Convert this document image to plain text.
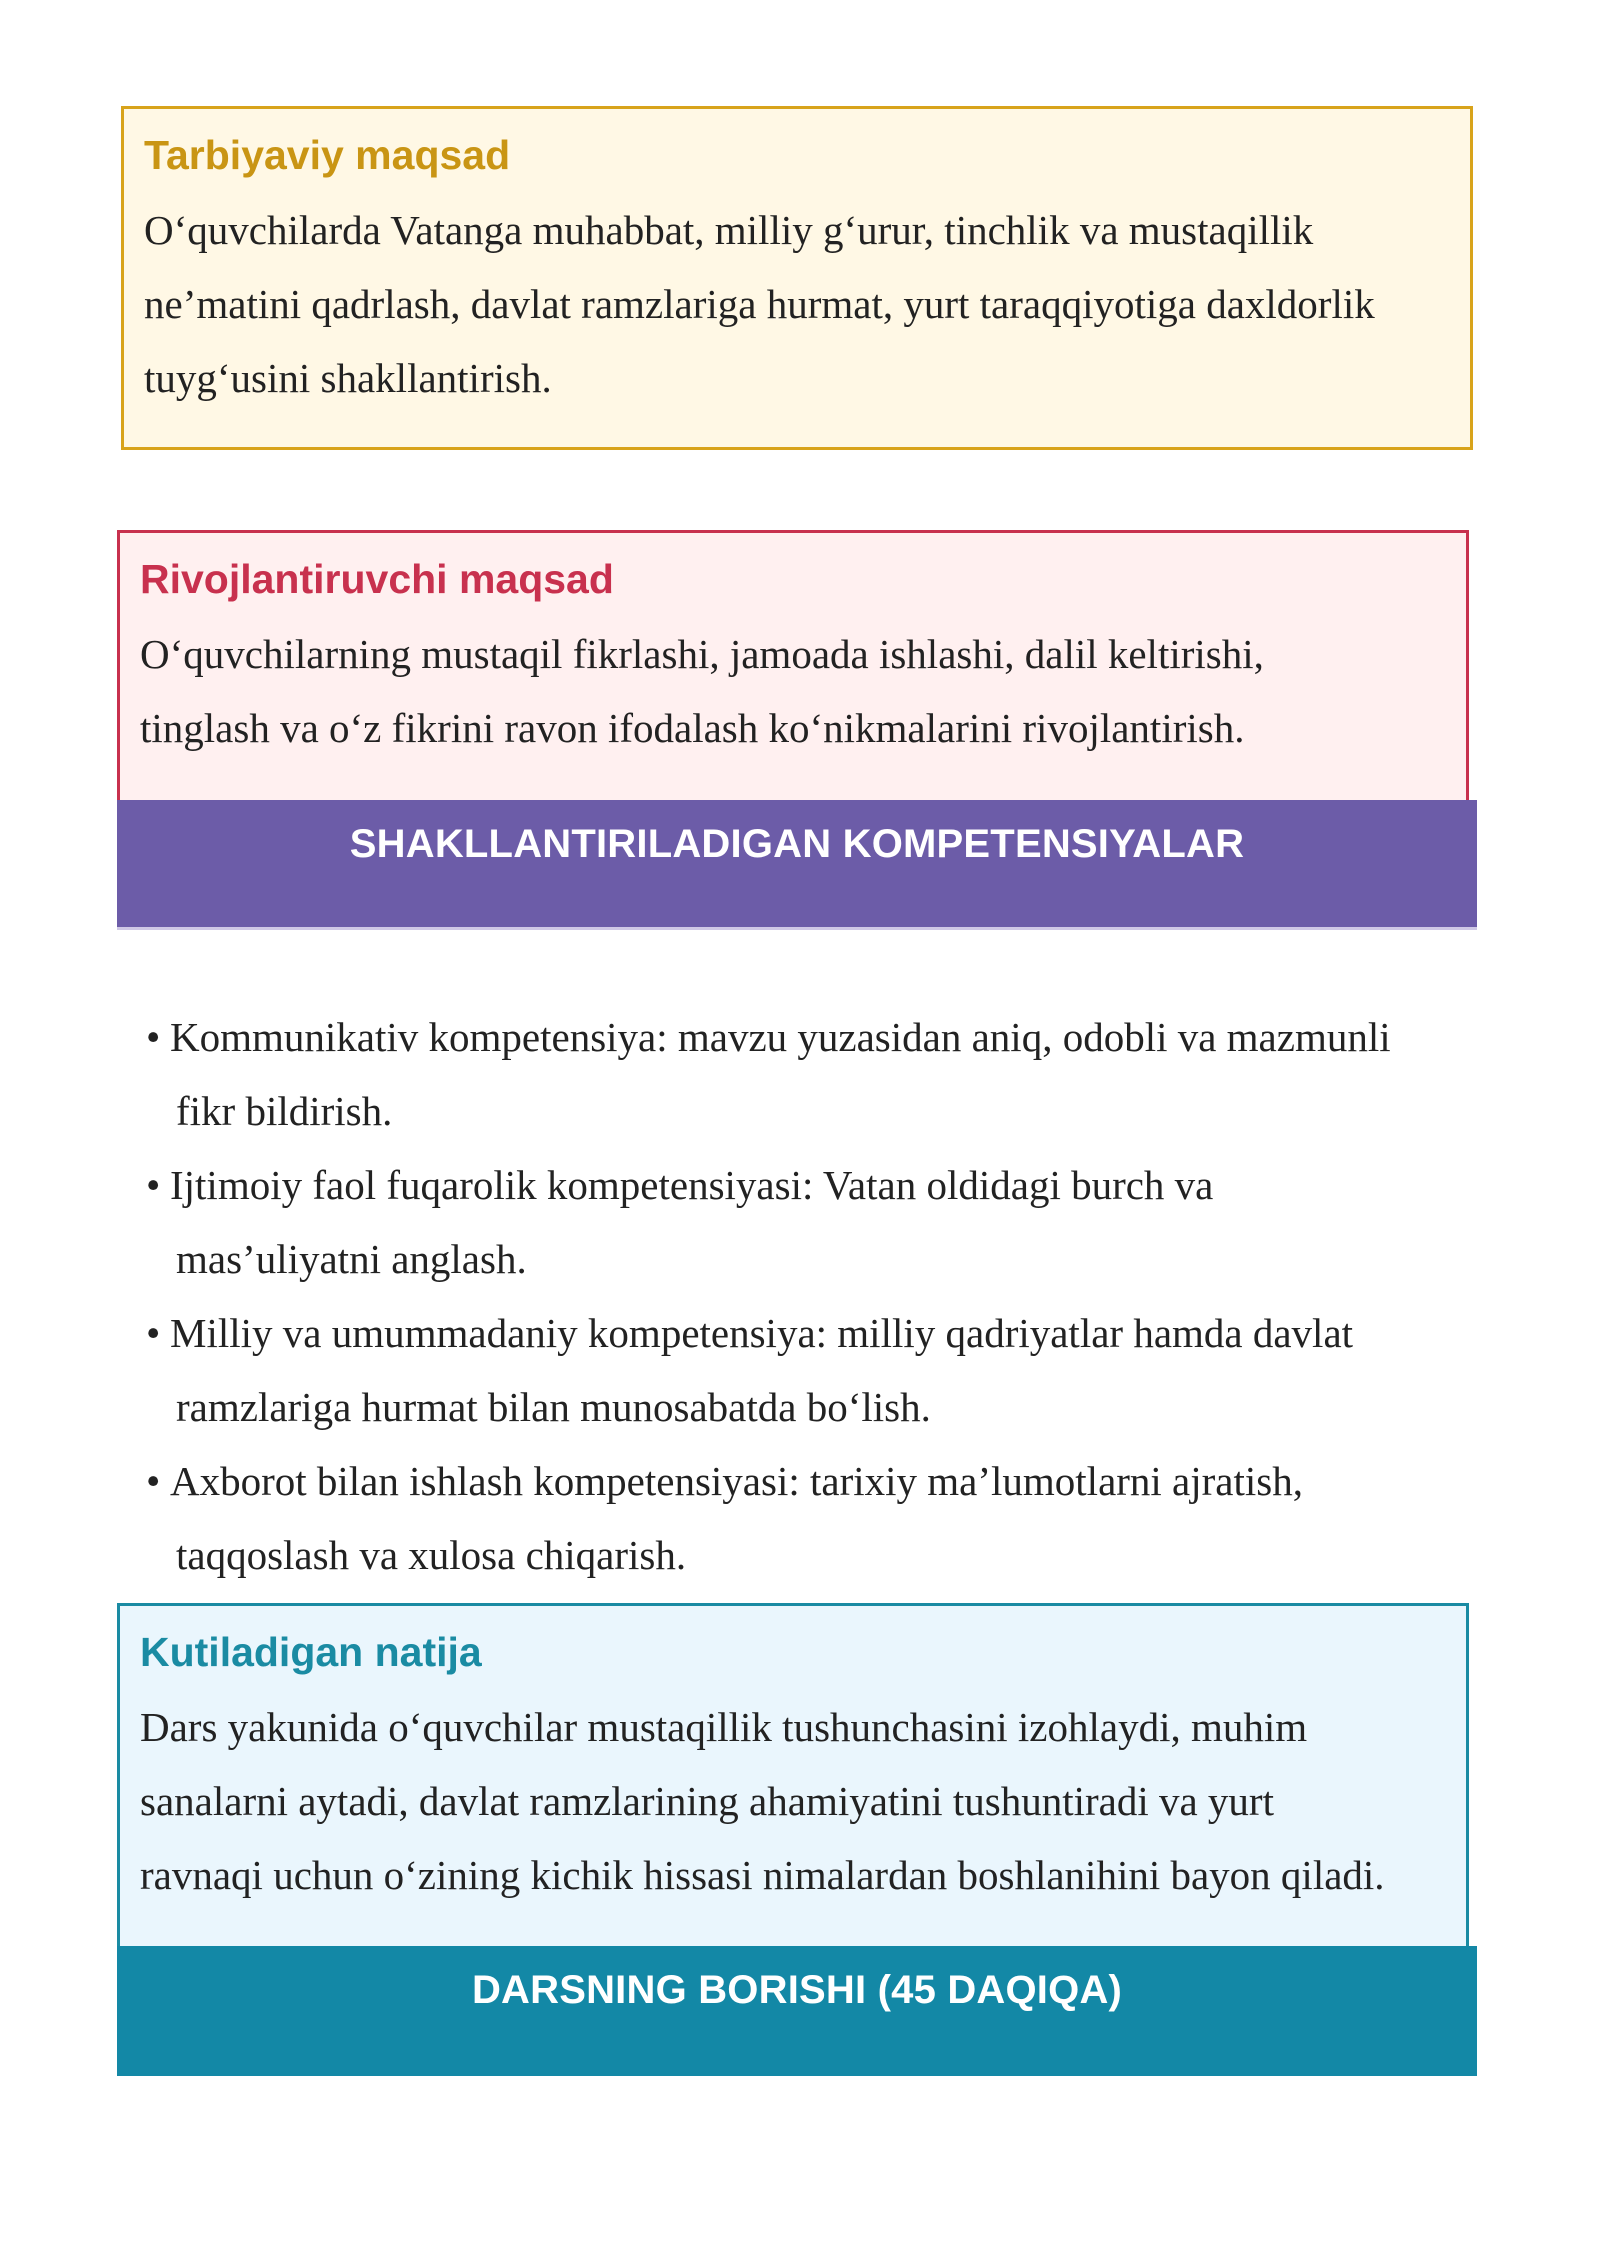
Tarbiyaviy maqsad

O‘quvchilarda Vatanga muhabbat, milliy g‘urur, tinchlik va mustaqillik
ne’matini qadrlash, davlat ramzlariga hurmat, yurt taraqqiyotiga daxldorlik
tuyg‘usini shakllantirish.

Rivojlantiruvchi maqsad

O‘quvchilarning mustaqil fikrlashi, jamoada ishlashi, dalil keltirishi,
tinglash va o‘z fikrini ravon ifodalash ko‘nikmalarini rivojlantirish.

SHAKLLANTIRILADIGAN KOMPETENSIYALAR
• Kommunikativ kompetensiya: mavzu yuzasidan aniq, odobli va mazmunli
fikr bildirish.
• Ijtimoiy faol fuqarolik kompetensiyasi: Vatan oldidagi burch va
mas’uliyatni anglash.
• Milliy va umummadaniy kompetensiya: milliy qadriyatlar hamda davlat
ramzlariga hurmat bilan munosabatda bo‘lish.
• Axborot bilan ishlash kompetensiyasi: tarixiy ma’lumotlarni ajratish,
taqqoslash va xulosa chiqarish.
Kutiladigan natija

Dars yakunida o‘quvchilar mustaqillik tushunchasini izohlaydi, muhim
sanalarni aytadi, davlat ramzlarining ahamiyatini tushuntiradi va yurt
ravnaqi uchun o‘zining kichik hissasi nimalardan boshlanihini bayon qiladi.

DARSNING BORISHI (45 DAQIQA)
